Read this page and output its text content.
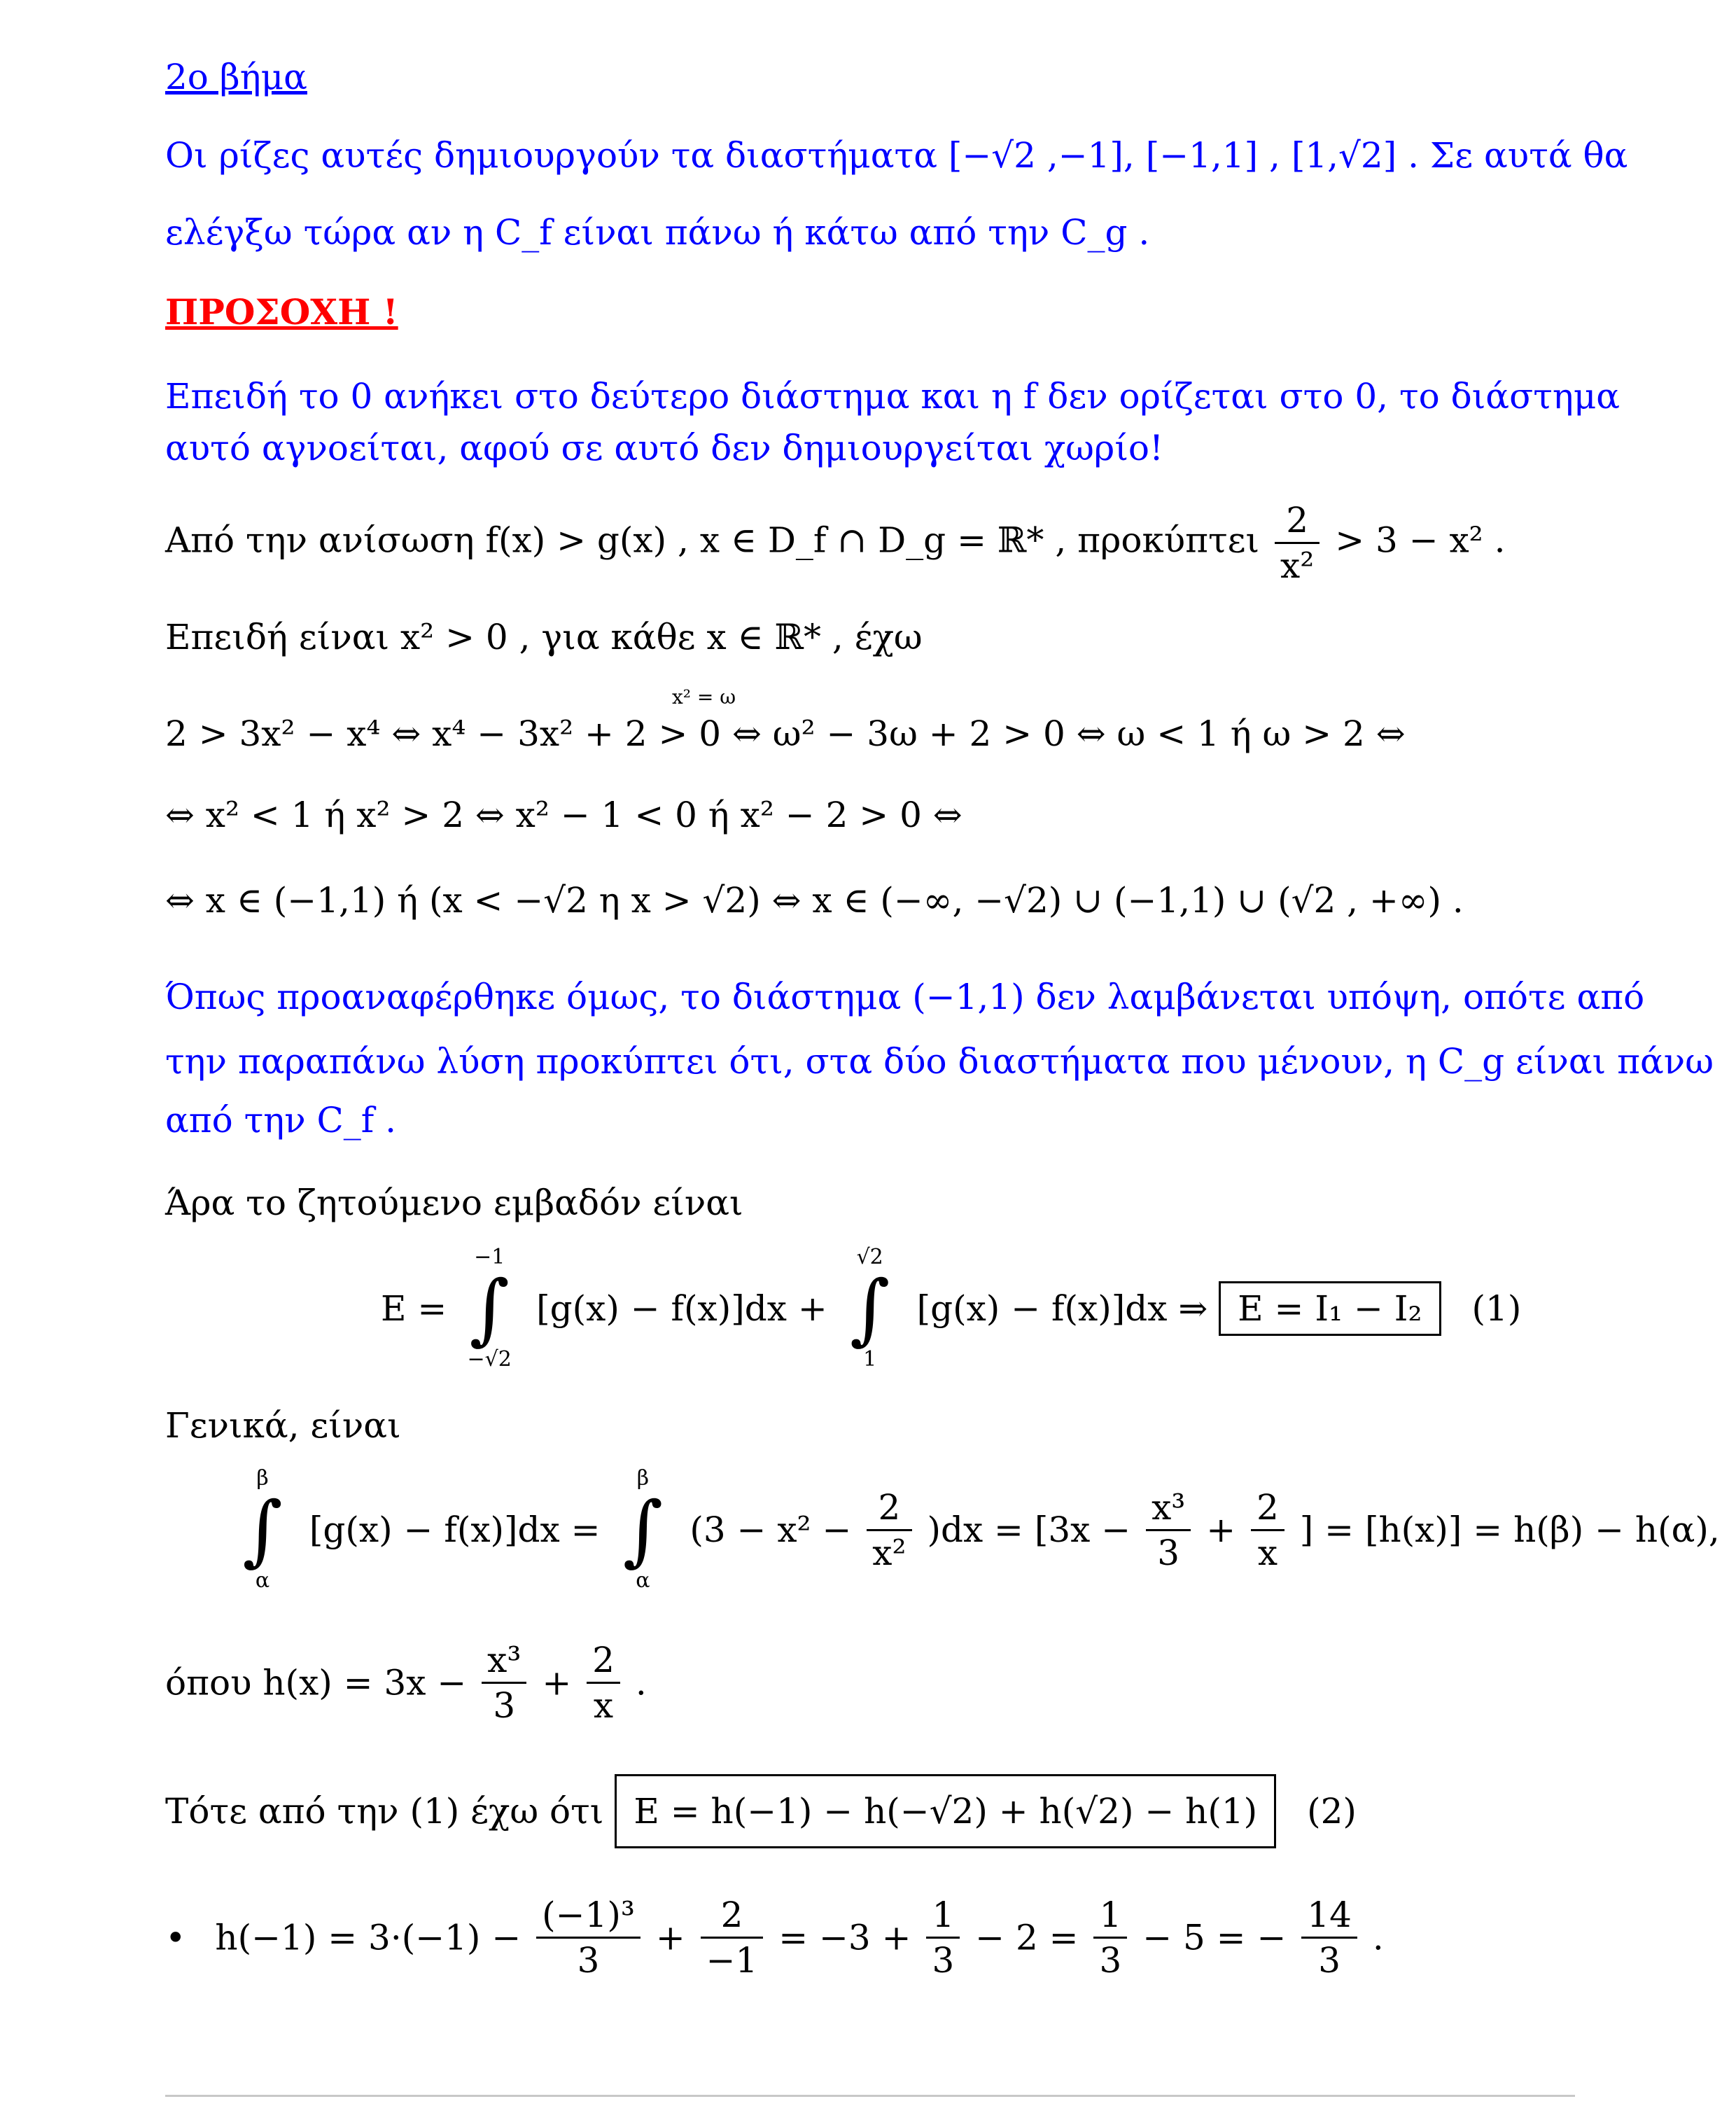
2ο βήμα
Οι ρίζες αυτές δημιουργούν τα διαστήματα [−√2 ,−1], [−1,1] , [1,√2] . Σε αυτά θα
ελέγξω τώρα αν η C_f είναι πάνω ή κάτω από την C_g .
ΠΡΟΣΟΧΗ !
Επειδή το 0 ανήκει στο δεύτερο διάστημα και η f δεν ορίζεται στο 0, το διάστημα
αυτό αγνοείται, αφού σε αυτό δεν δημιουργείται χωρίο!
Από την ανίσωση f(x) > g(x) , x ∈ D_f ∩ D_g = ℝ* , προκύπτει $\frac{2}{\text{x²}} > 3 - x^2$ .
Επειδή είναι x² > 0 , για κάθε x ∈ ℝ* , έχω
x² = ω
2 > 3x² − x⁴ ⇔ x⁴ − 3x² + 2 > 0 ⇔ ω² − 3ω + 2 > 0 ⇔ ω < 1 ή ω > 2 ⇔
⇔ x² < 1 ή x² > 2 ⇔ x² − 1 < 0 ή x² − 2 > 0 ⇔
⇔ x ∈ (−1,1) ή (x < −√2 η x > √2) ⇔ x ∈ (−∞, −√2) ∪ (−1,1) ∪ (√2 , +∞) .
Όπως προαναφέρθηκε όμως, το διάστημα (−1,1) δεν λαμβάνεται υπόψη, οπότε από
την παραπάνω λύση προκύπτει ότι, στα δύο διαστήματα που μένουν, η C_g είναι πάνω
από την C_f .
Άρα το ζητούμενο εμβαδόν είναι
E =
−1
∫
−√2
[g(x) − f(x)]dx +
√2
∫
1
[g(x) − f(x)]dx ⇒ E = I₁ − I₂ (1)
Γενικά, είναι
β
∫
α
[g(x) − f(x)]dx =
β
∫
α
$(3 - x^2 - \frac{2}{\text{x²}} )dx = [3x - \frac{\text{x³}}{3} + \frac{2}{x}$ ] = [h(x)] = h(β) − h(α),
όπου $h(x) = 3x - \frac{\text{x³}}{3} + \frac{2}{x}$ .
Τότε από την (1) έχω ότι E = h(−1) − h(−√2) + h(√2) − h(1) (2)
• $h(-1) = 3\cdot(-1) - \frac{\text{(−1)³}}{3} + \frac{2}{-1} = -3 + \frac{1}{3} - 2 = \frac{1}{3} - 5$ = − $\frac{14}{3}$ .
